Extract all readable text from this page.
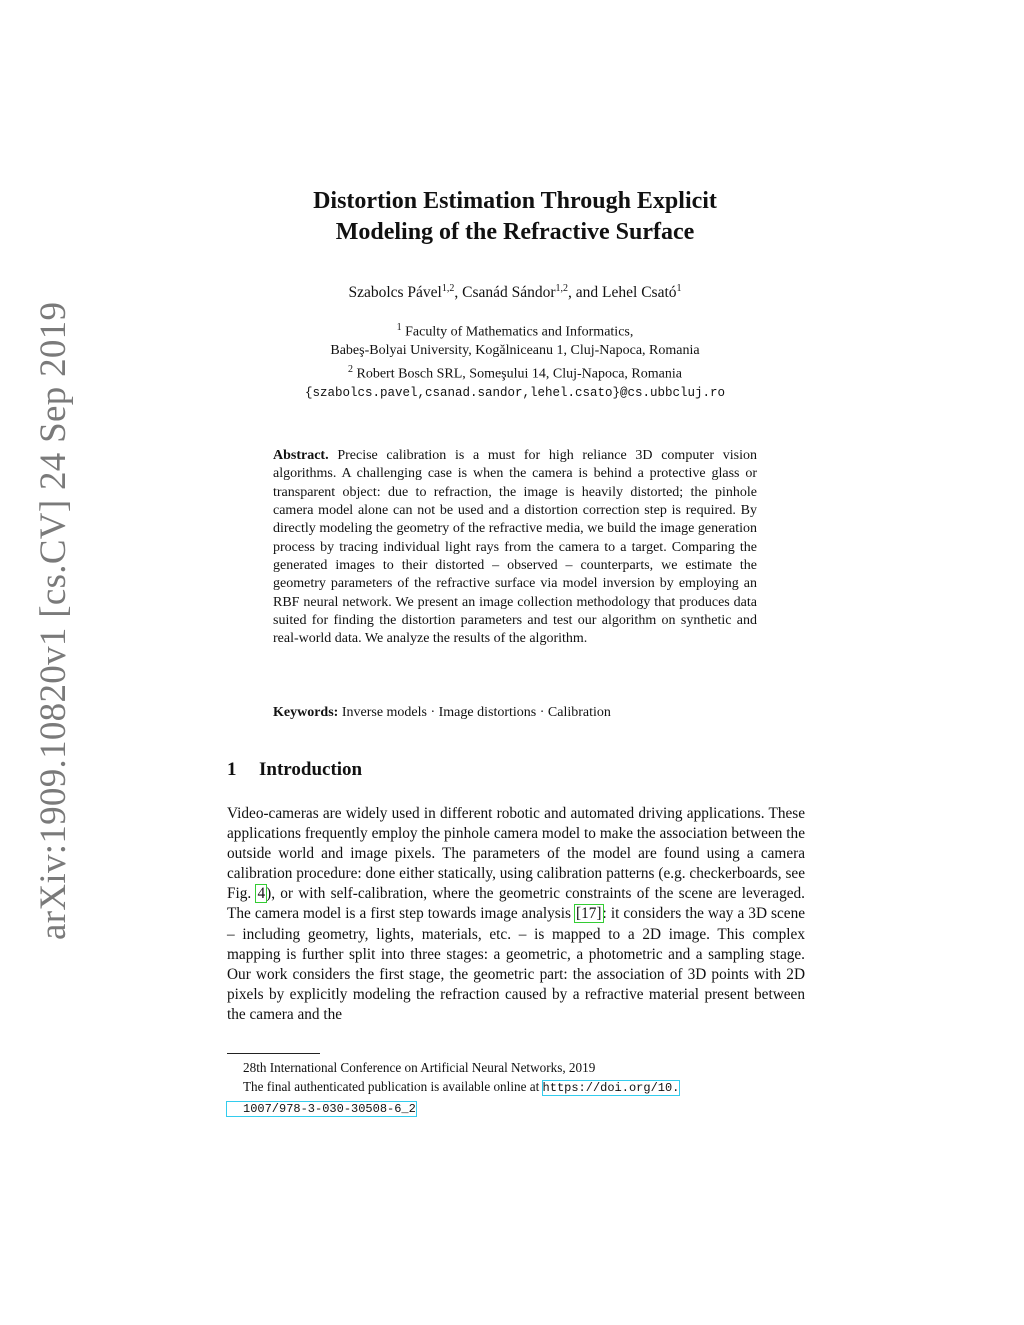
arXiv:1909.10820v1 [cs.CV] 24 Sep 2019
Distortion Estimation Through Explicit
Modeling of the Refractive Surface
Szabolcs Pável$^{1,2}$, Csanád Sándor$^{1,2}$, and Lehel Csató$^1$
$^1$ Faculty of Mathematics and Informatics,
Babeş-Bolyai University, Kogălniceanu 1, Cluj-Napoca, Romania
$^2$ Robert Bosch SRL, Someşului 14, Cluj-Napoca, Romania
{szabolcs.pavel,csanad.sandor,lehel.csato}@cs.ubbcluj.ro
Abstract. Precise calibration is a must for high reliance 3D computer vision algorithms. A challenging case is when the camera is behind a protective glass or transparent object: due to refraction, the image is heavily distorted; the pinhole camera model alone can not be used and a distortion correction step is required. By directly modeling the geometry of the refractive media, we build the image generation process by tracing individual light rays from the camera to a target. Comparing the generated images to their distorted – observed – counterparts, we estimate the geometry parameters of the refractive surface via model inversion by employing an RBF neural network. We present an image collection methodology that produces data suited for finding the distortion parameters and test our algorithm on synthetic and real-world data. We analyze the results of the algorithm.
Keywords: Inverse models · Image distortions · Calibration
1 Introduction
Video-cameras are widely used in different robotic and automated driving applications. These applications frequently employ the pinhole camera model to make the association between the outside world and image pixels. The parameters of the model are found using a camera calibration procedure: done either statically, using calibration patterns (e.g. checkerboards, see Fig. 4), or with self-calibration, where the geometric constraints of the scene are leveraged. The camera model is a first step towards image analysis [17]: it considers the way a 3D scene – including geometry, lights, materials, etc. – is mapped to a 2D image. This complex mapping is further split into three stages: a geometric, a photometric and a sampling stage. Our work considers the first stage, the geometric part: the association of 3D points with 2D pixels by explicitly modeling the refraction caused by a refractive material present between the camera and the
28th International Conference on Artificial Neural Networks, 2019
The final authenticated publication is available online at https://doi.org/10.
1007/978-3-030-30508-6_2
